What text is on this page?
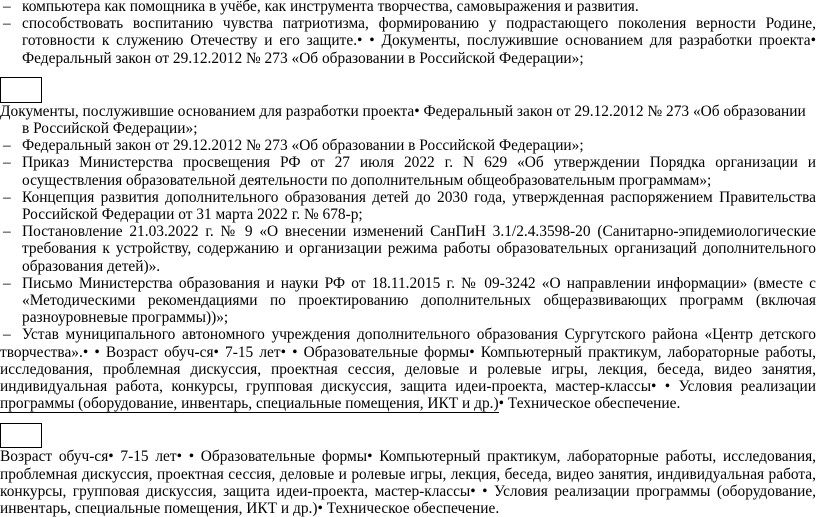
– компьютера как помощника в учёбе, как инструмента творчества, самовыражения и развития.
– способствовать воспитанию чувства патриотизма, формированию у подрастающего поколения верности Родине, готовности к служению Отечеству и его защите.• • Документы, послужившие основанием для разработки проекта• Федеральный закон от 29.12.2012 № 273 «Об образовании в Российской Федерации»;
Документы, послужившие основанием для разработки проекта• Федеральный закон от 29.12.2012 № 273 «Об образовании
в Российской Федерации»;
– Федеральный закон от 29.12.2012 № 273 «Об образовании в Российской Федерации»;
– Приказ Министерства просвещения РФ от 27 июля 2022 г. N 629 «Об утверждении Порядка организации и осуществления образовательной деятельности по дополнительным общеобразовательным программам»;
– Концепция развития дополнительного образования детей до 2030 года, утвержденная распоряжением Правительства Российской Федерации от 31 марта 2022 г. № 678-р;
– Постановление 21.03.2022 г. № 9 «О внесении изменений СанПиН 3.1/2.4.3598-20 (Санитарно-эпидемиологические требования к устройству, содержанию и организации режима работы образовательных организаций дополнительного образования детей)».
– Письмо Министерства образования и науки РФ от 18.11.2015 г. № 09-3242 «О направлении информации» (вместе с «Методическими рекомендациями по проектированию дополнительных общеразвивающих программ (включая разноуровневые программы))»;
– Устав муниципального автономного учреждения дополнительного образования Сургутского района «Центр детского творчества».• • Возраст обуч-ся• 7-15 лет• • Образовательные формы• Компьютерный практикум, лабораторные работы, исследования, проблемная дискуссия, проектная сессия, деловые и ролевые игры, лекция, беседа, видео занятия, индивидуальная работа, конкурсы, групповая дискуссия, защита идеи-проекта, мастер-классы• • Условия реализации программы (оборудование, инвентарь, специальные помещения, ИКТ и др.)• Техническое обеспечение.
Возраст обуч-ся• 7-15 лет• • Образовательные формы• Компьютерный практикум, лабораторные работы, исследования, проблемная дискуссия, проектная сессия, деловые и ролевые игры, лекция, беседа, видео занятия, индивидуальная работа, конкурсы, групповая дискуссия, защита идеи-проекта, мастер-классы• • Условия реализации программы (оборудование, инвентарь, специальные помещения, ИКТ и др.)• Техническое обеспечение.
